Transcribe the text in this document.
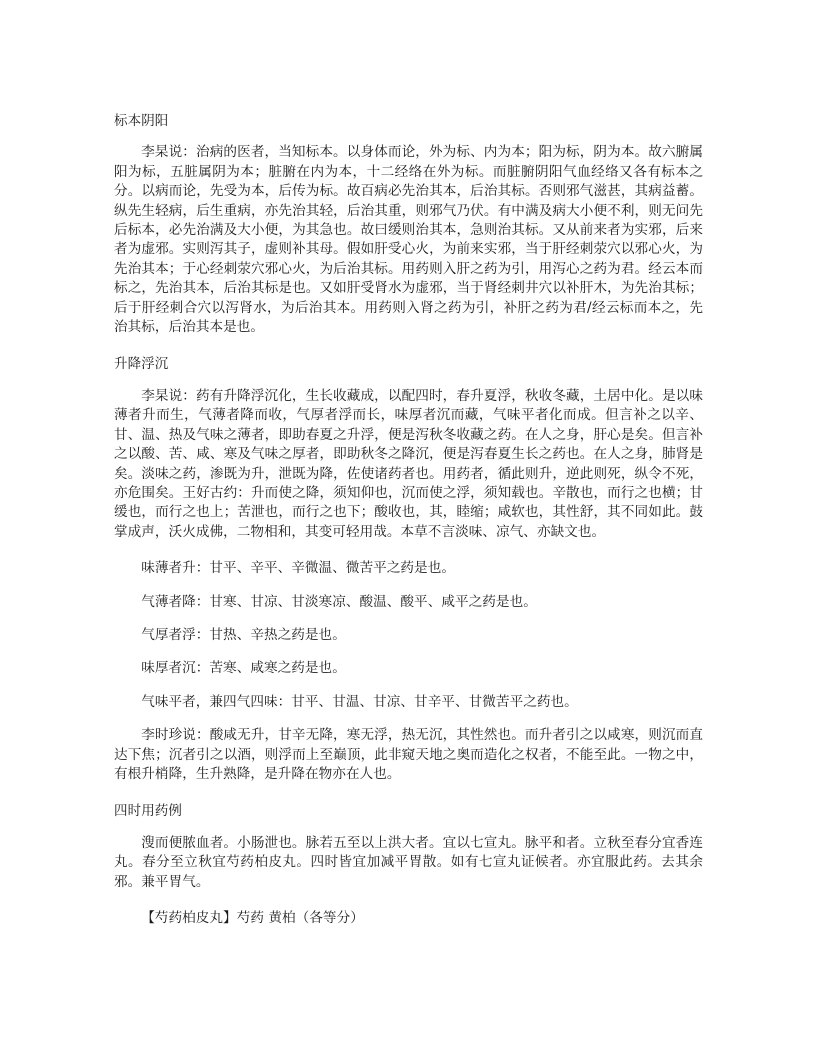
标本阴阳

李杲说：治病的医者，当知标本。以身体而论，外为标、内为本；阳为标，阴为本。故六腑属阳为标，五脏属阴为本；脏腑在内为本，十二经络在外为标。而脏腑阴阳气血经络又各有标本之分。以病而论，先受为本，后传为标。故百病必先治其本，后治其标。否则邪气滋甚，其病益蓄。纵先生轻病，后生重病，亦先治其轻，后治其重，则邪气乃伏。有中满及病大小便不利，则无问先后标本，必先治满及大小便，为其急也。故曰缓则治其本，急则治其标。又从前来者为实邪，后来者为虚邪。实则泻其子，虚则补其母。假如肝受心火，为前来实邪，当于肝经刺荥穴以邪心火，为先治其本；于心经刺荥穴邪心火，为后治其标。用药则入肝之药为引，用泻心之药为君。经云本而标之，先治其本，后治其标是也。又如肝受肾水为虚邪，当于肾经刺井穴以补肝木，为先治其标；后于肝经刺合穴以泻肾水，为后治其本。用药则入肾之药为引，补肝之药为君/经云标而本之，先治其标，后治其本是也。

升降浮沉

李杲说：药有升降浮沉化，生长收藏成，以配四时，春升夏浮，秋收冬藏，土居中化。是以味薄者升而生，气薄者降而收，气厚者浮而长，味厚者沉而藏，气味平者化而成。但言补之以辛、甘、温、热及气味之薄者，即助春夏之升浮，便是泻秋冬收藏之药。在人之身，肝心是矣。但言补之以酸、苦、咸、寒及气味之厚者，即助秋冬之降沉，便是泻春夏生长之药也。在人之身，肺肾是矣。淡味之药，渗既为升，泄既为降，佐使诸药者也。用药者，循此则升，逆此则死，纵令不死，亦危围矣。王好古约：升而使之降，须知仰也，沉而使之浮，须知载也。辛散也，而行之也横；甘缓也，而行之也上；苦泄也，而行之也下；酸收也，其，睦缩；咸软也，其性舒，其不同如此。鼓掌成声，沃火成佛，二物相和，其变可轻用哉。本草不言淡味、凉气、亦缺文也。

味薄者升：甘平、辛平、辛微温、微苦平之药是也。

气薄者降：甘寒、甘凉、甘淡寒凉、酸温、酸平、咸平之药是也。

气厚者浮：甘热、辛热之药是也。

味厚者沉：苦寒、咸寒之药是也。

气味平者，兼四气四味：甘平、甘温、甘凉、甘辛平、甘微苦平之药也。

李时珍说：酸咸无升，甘辛无降，寒无浮，热无沉，其性然也。而升者引之以咸寒，则沉而直达下焦；沉者引之以酒，则浮而上至巅顶，此非窥天地之奥而造化之权者，不能至此。一物之中，有根升梢降，生升熟降，是升降在物亦在人也。

四时用药例

溲而便脓血者。小肠泄也。脉若五至以上洪大者。宜以七宣丸。脉平和者。立秋至春分宜香连丸。春分至立秋宜芍药柏皮丸。四时皆宜加减平胃散。如有七宣丸证候者。亦宜服此药。去其余邪。兼平胃气。

【芍药柏皮丸】芍药 黄柏（各等分）
